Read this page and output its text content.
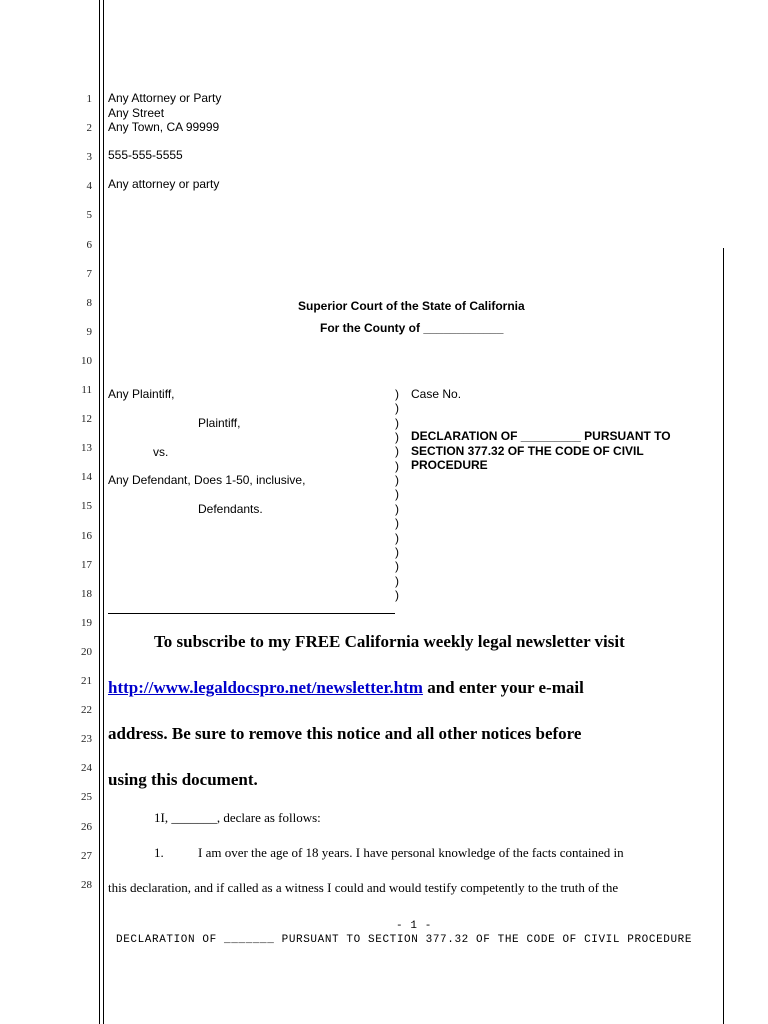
1
2
3
4
5
6
7
8
9
10
11
12
13
14
15
16
17
18
19
20
21
22
23
24
25
26
27
28
Any Attorney or Party
Any Street
Any Town, CA 99999
555-555-5555
Any attorney or party
Superior Court of the State of California
For the County of ____________
Any Plaintiff,
Plaintiff,
vs.
Any Defendant, Does 1-50, inclusive,
Defendants.
)
)
)
)
)
)
)
)
)
)
)
)
)
)
)
Case No.
DECLARATION OF _________ PURSUANT TO
SECTION 377.32 OF THE CODE OF CIVIL
PROCEDURE
To subscribe to my FREE California weekly legal newsletter visit
http://www.legaldocspro.net/newsletter.htm and enter your e-mail
address. Be sure to remove this notice and all other notices before
using this document.
1I, _______, declare as follows:
1.	I am over the age of 18 years. I have personal knowledge of the facts contained in
this declaration, and if called as a witness I could and would testify competently to the truth of the
- 1 -
DECLARATION OF _______ PURSUANT TO SECTION 377.32 OF THE CODE OF CIVIL PROCEDURE
